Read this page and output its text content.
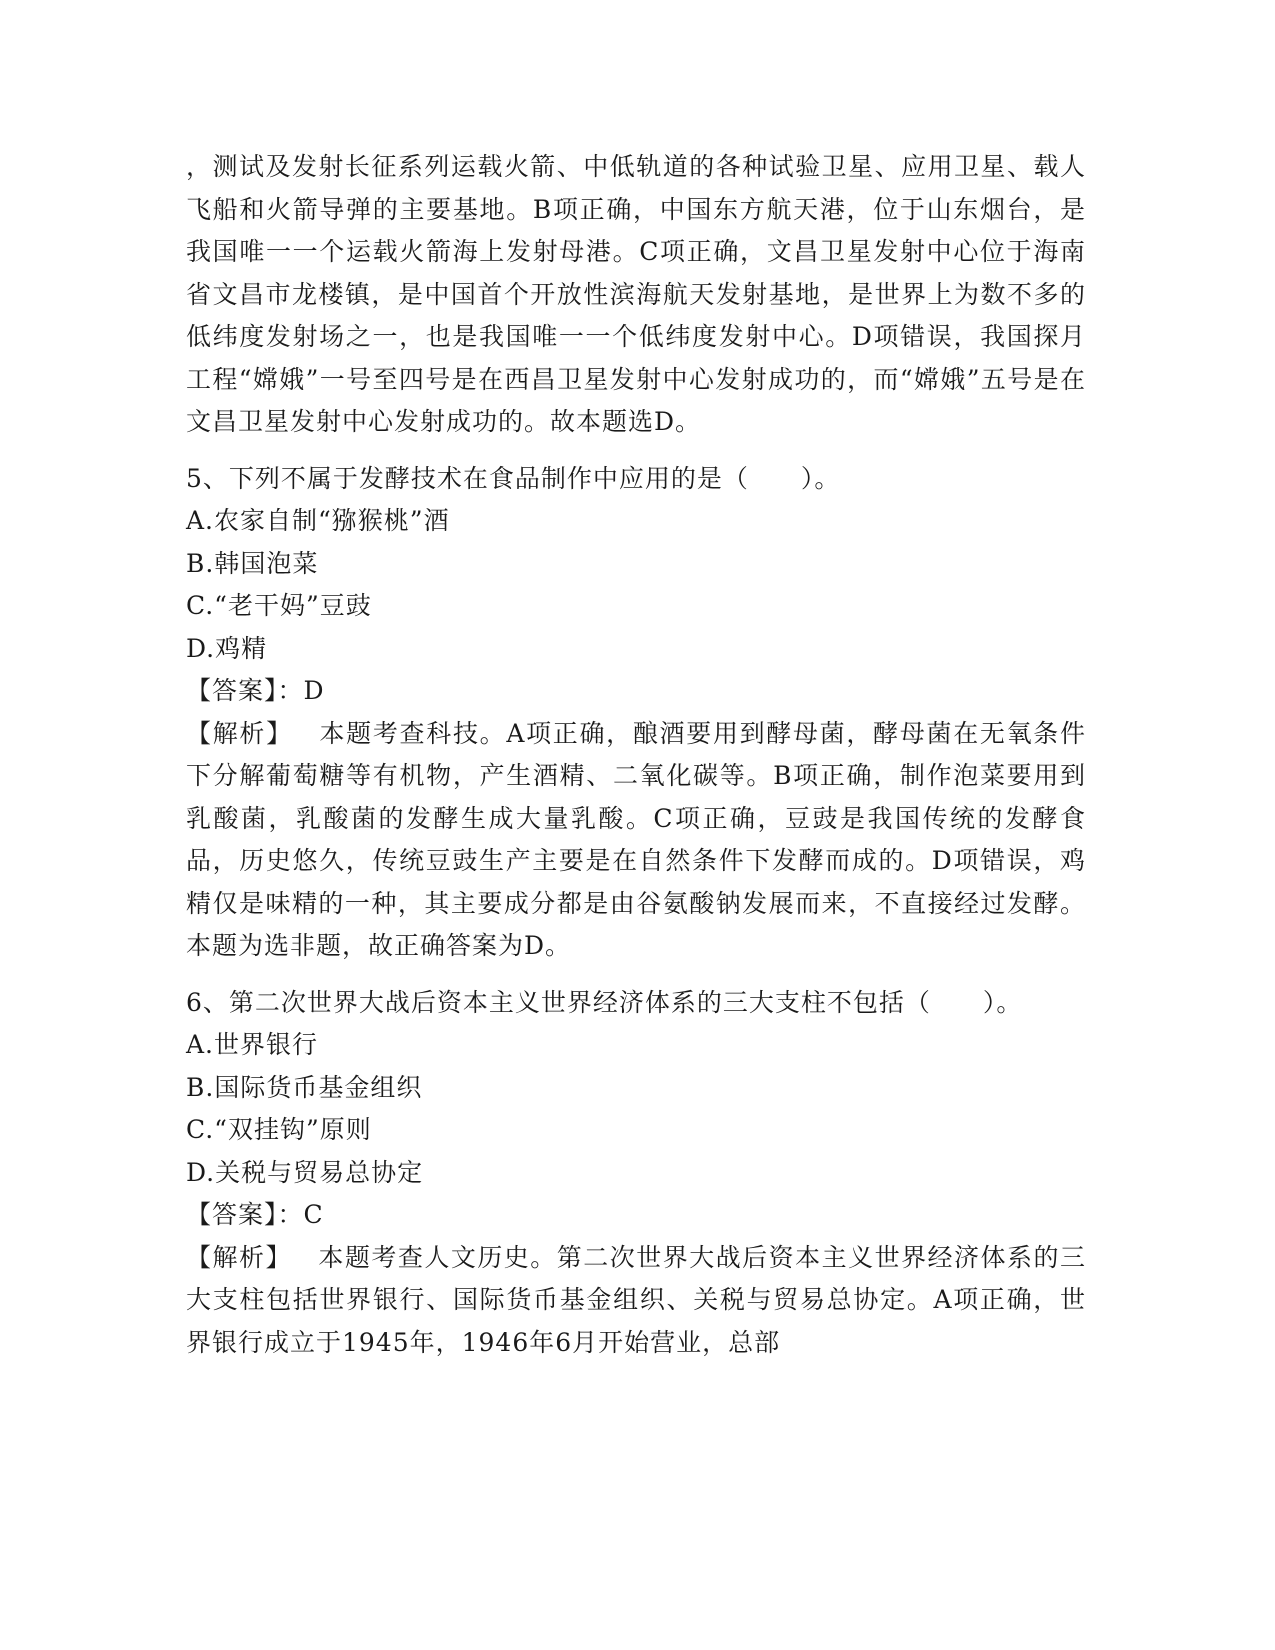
，测试及发射长征系列运载火箭、中低轨道的各种试验卫星、应用卫星、载人飞船和火箭导弹的主要基地。B项正确，中国东方航天港，位于山东烟台，是我国唯一一个运载火箭海上发射母港。C项正确，文昌卫星发射中心位于海南省文昌市龙楼镇，是中国首个开放性滨海航天发射基地，是世界上为数不多的低纬度发射场之一，也是我国唯一一个低纬度发射中心。D项错误，我国探月工程“嫦娥”一号至四号是在西昌卫星发射中心发射成功的，而“嫦娥”五号是在文昌卫星发射中心发射成功的。故本题选D。

5、下列不属于发酵技术在食品制作中应用的是（　　）。

A.农家自制“猕猴桃”酒

B.韩国泡菜

C.“老干妈”豆豉

D.鸡精

【答案】：D

【解析】 本题考查科技。A项正确，酿酒要用到酵母菌，酵母菌在无氧条件下分解葡萄糖等有机物，产生酒精、二氧化碳等。B项正确，制作泡菜要用到乳酸菌，乳酸菌的发酵生成大量乳酸。C项正确，豆豉是我国传统的发酵食品，历史悠久，传统豆豉生产主要是在自然条件下发酵而成的。D项错误，鸡精仅是味精的一种，其主要成分都是由谷氨酸钠发展而来，不直接经过发酵。本题为选非题，故正确答案为D。

6、第二次世界大战后资本主义世界经济体系的三大支柱不包括（　　）。

A.世界银行

B.国际货币基金组织

C.“双挂钩”原则

D.关税与贸易总协定

【答案】：C

【解析】 本题考查人文历史。第二次世界大战后资本主义世界经济体系的三大支柱包括世界银行、国际货币基金组织、关税与贸易总协定。A项正确，世界银行成立于1945年，1946年6月开始营业，总部
